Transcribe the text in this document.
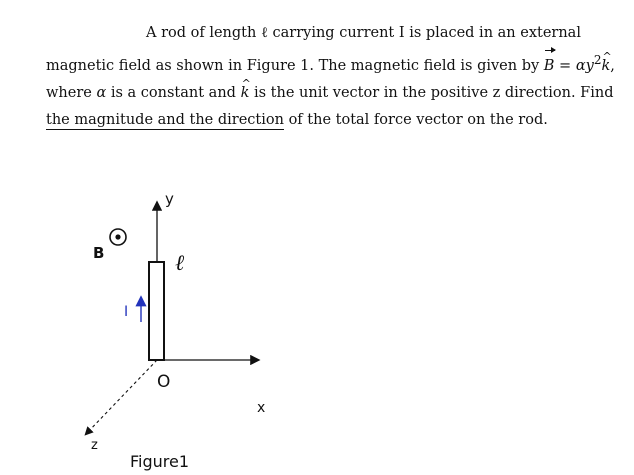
A rod of length ℓ carrying current I is placed in an external
magnetic field as shown in Figure 1. The magnetic field is given by $B = \alpha y^2k$ ^,
where α is a constant and k ^ is the unit vector in the positive z direction. Find
the magnitude and the direction of the total force vector on the rod.
y
x
z
O
B	ℓ
I
Figure1
